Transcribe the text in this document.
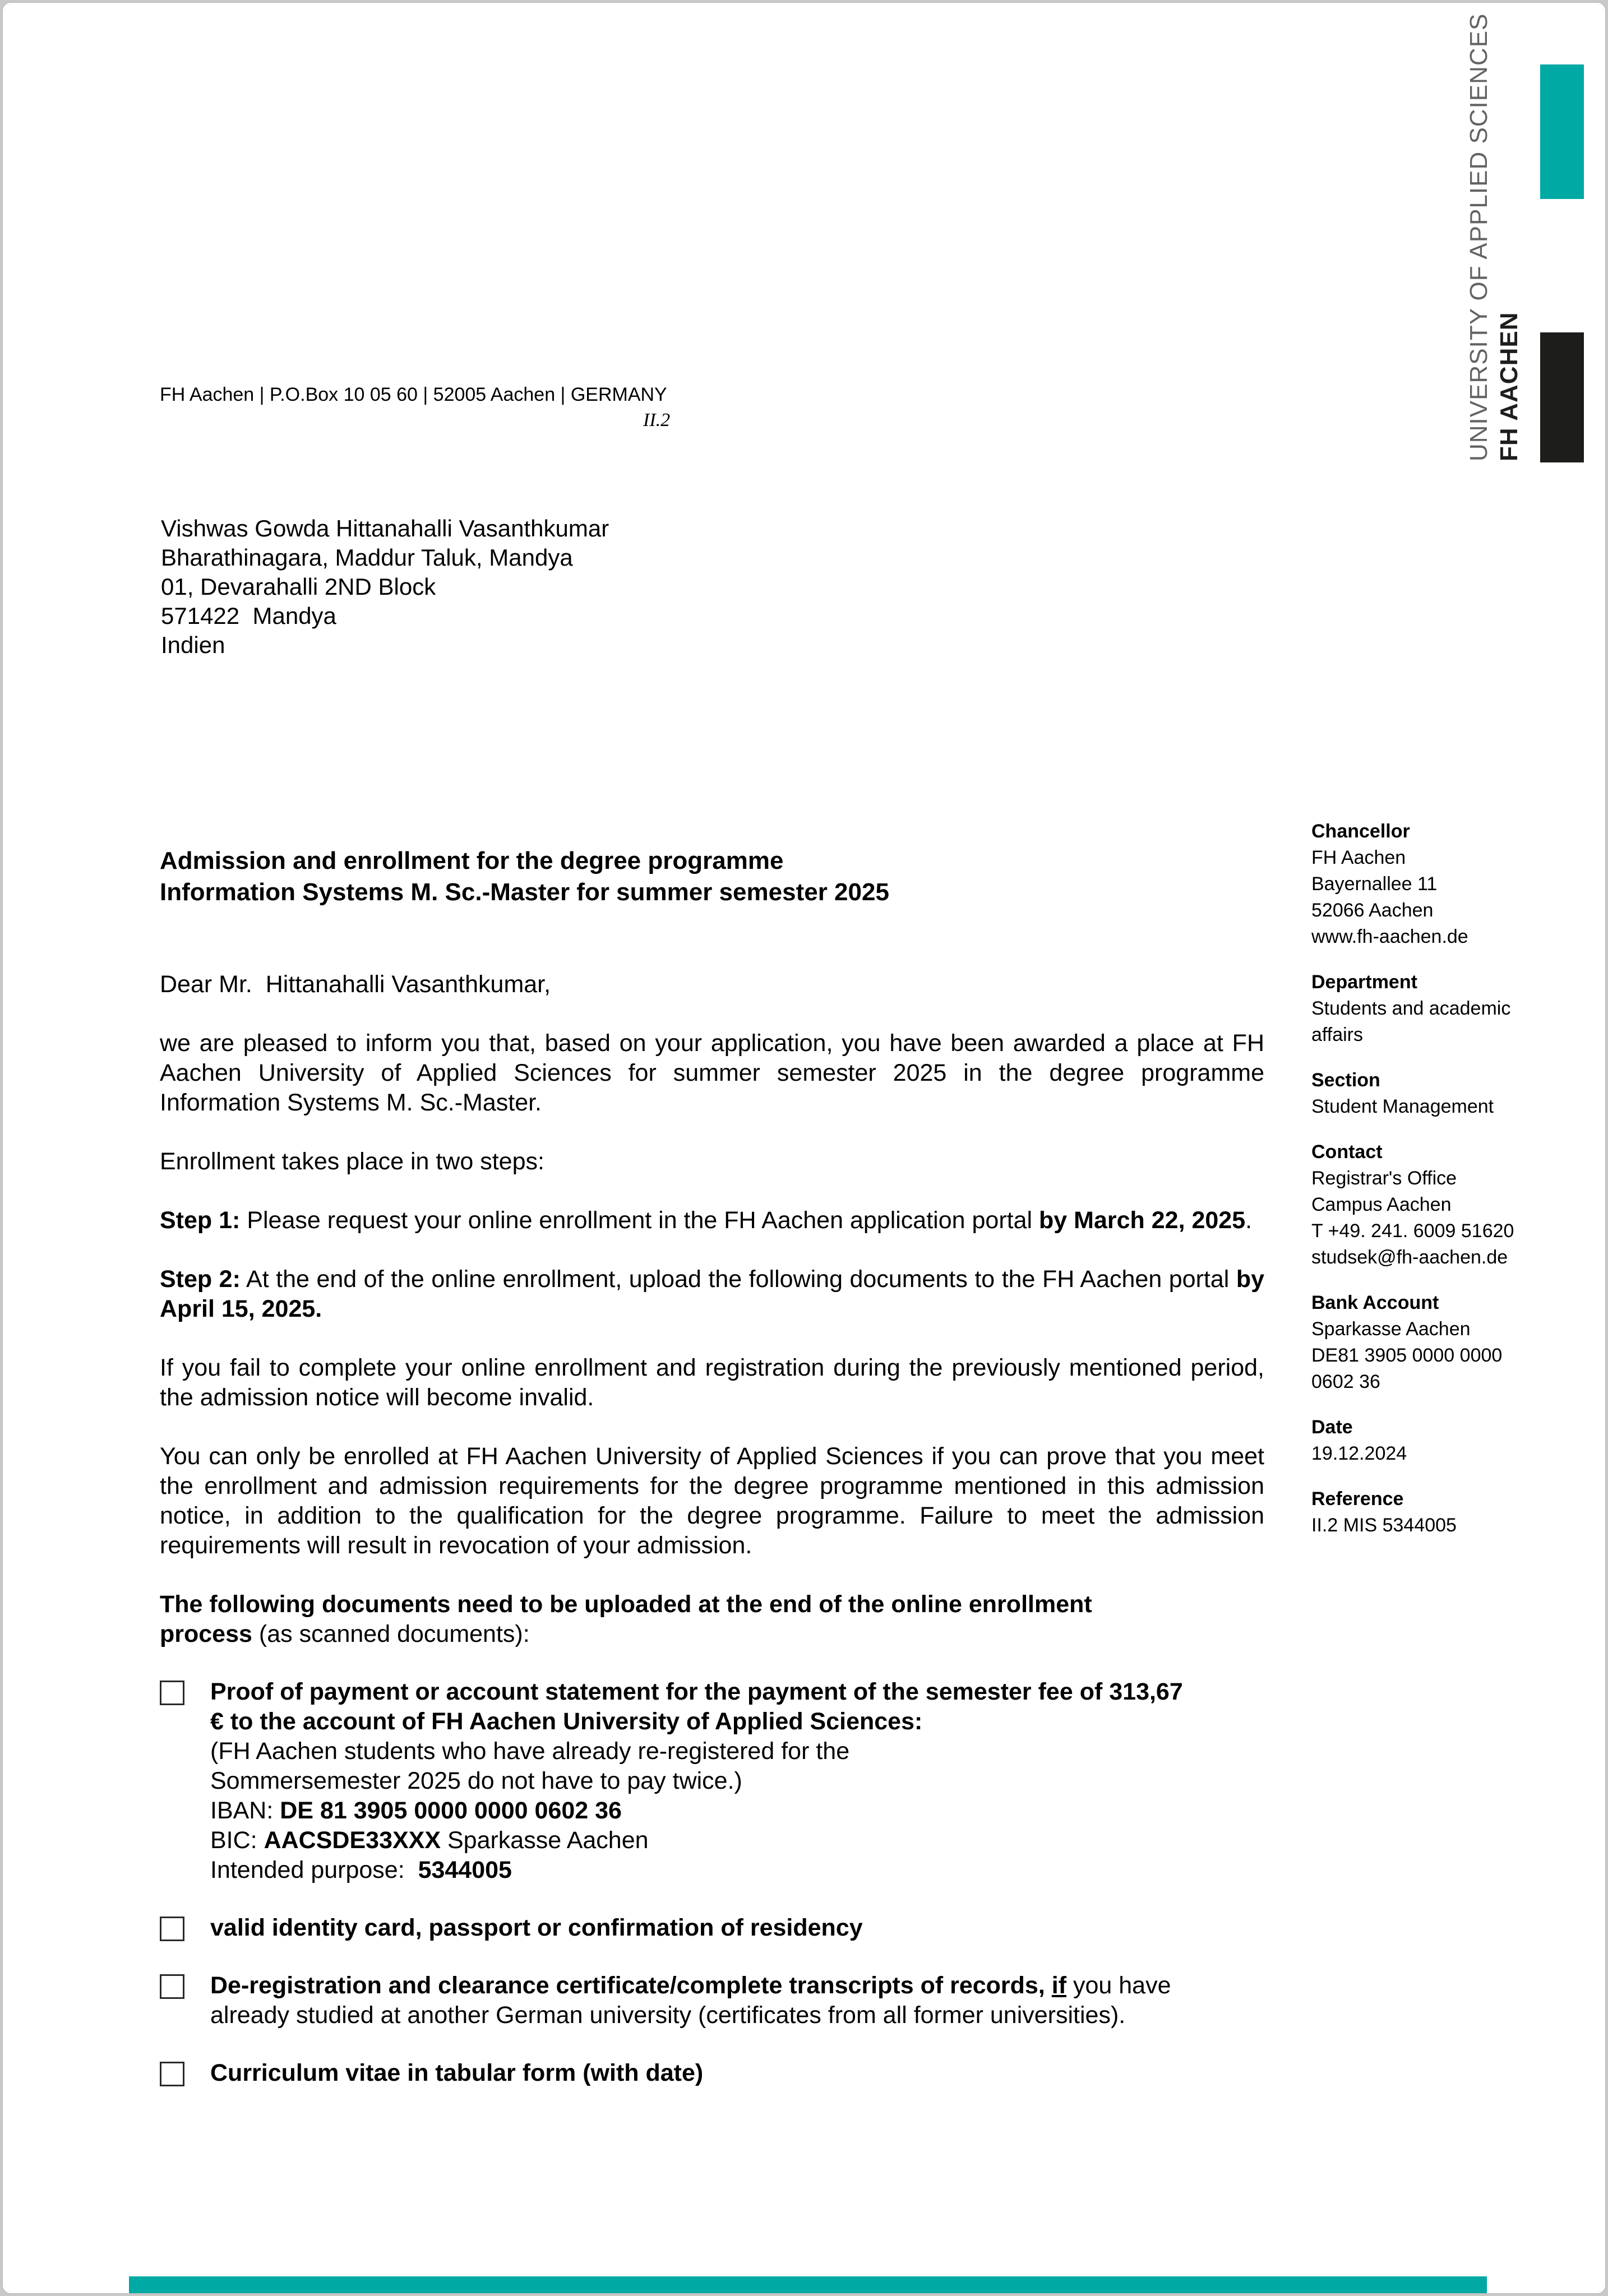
UNIVERSITY OF APPLIED SCIENCES FH AACHEN
FH Aachen | P.O.Box 10 05 60 | 52005 Aachen | GERMANY
II.2
Vishwas Gowda Hittanahalli Vasanthkumar
Bharathinagara, Maddur Taluk, Mandya
01, Devarahalli 2ND Block
571422  Mandya
Indien
Chancellor
FH Aachen
Bayernallee 11
52066 Aachen
www.fh-aachen.de
Department
Students and academic
affairs
Section
Student Management
Contact
Registrar's Office
Campus Aachen
T +49. 241. 6009 51620
studsek@fh-aachen.de
Bank Account
Sparkasse Aachen
DE81 3905 0000 0000
0602 36
Date
19.12.2024
Reference
II.2 MIS 5344005
Admission and enrollment for the degree programme
Information Systems M. Sc.-Master for summer semester 2025

Dear Mr.  Hittanahalli Vasanthkumar,

we are pleased to inform you that, based on your application, you have been awarded a place at FH Aachen University of Applied Sciences for summer semester 2025 in the degree programme Information Systems M. Sc.-Master.

Enrollment takes place in two steps:

Step 1: Please request your online enrollment in the FH Aachen application portal by March 22, 2025.

Step 2: At the end of the online enrollment, upload the following documents to the FH Aachen portal by April 15, 2025.

If you fail to complete your online enrollment and registration during the previously mentioned period, the admission notice will become invalid.

You can only be enrolled at FH Aachen University of Applied Sciences if you can prove that you meet the enrollment and admission requirements for the degree programme mentioned in this admission notice, in addition to the qualification for the degree programme. Failure to meet the admission requirements will result in revocation of your admission.

The following documents need to be uploaded at the end of the online enrollment process (as scanned documents):

Proof of payment or account statement for the payment of the semester fee of 313,67 € to the account of FH Aachen University of Applied Sciences:
(FH Aachen students who have already re-registered for the
Sommersemester 2025 do not have to pay twice.)
IBAN: DE 81 3905 0000 0000 0602 36
BIC: AACSDE33XXX Sparkasse Aachen
Intended purpose:  5344005
valid identity card, passport or confirmation of residency
De-registration and clearance certificate/complete transcripts of records, if you have already studied at another German university (certificates from all former universities).
Curriculum vitae in tabular form (with date)
